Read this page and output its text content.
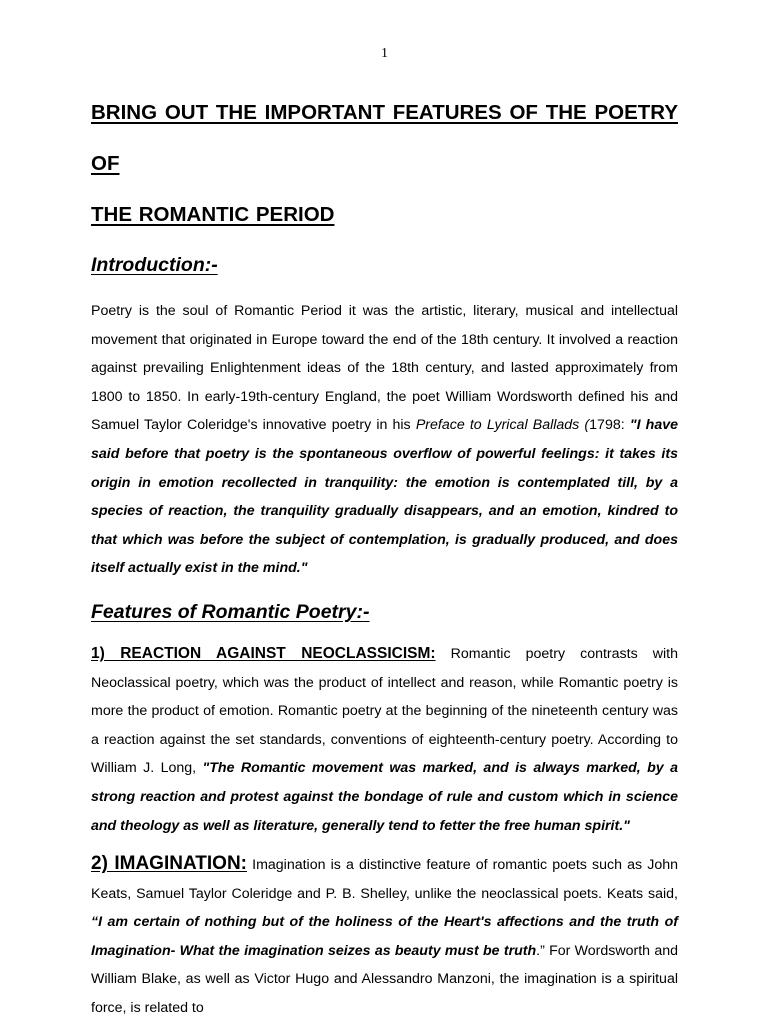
1
BRING OUT THE IMPORTANT FEATURES OF THE POETRY OF
THE ROMANTIC PERIOD
Introduction:-

Poetry is the soul of Romantic Period it was the artistic, literary, musical and intellectual movement that originated in Europe toward the end of the 18th century. It involved a reaction against prevailing Enlightenment ideas of the 18th century, and lasted approximately from 1800 to 1850. In early-19th-century England, the poet William Wordsworth defined his and Samuel Taylor Coleridge's innovative poetry in his Preface to Lyrical Ballads (1798: "I have said before that poetry is the spontaneous overflow of powerful feelings: it takes its origin in emotion recollected in tranquility: the emotion is contemplated till, by a species of reaction, the tranquility gradually disappears, and an emotion, kindred to that which was before the subject of contemplation, is gradually produced, and does itself actually exist in the mind."

Features of Romantic Poetry:-

1) REACTION AGAINST NEOCLASSICISM: Romantic poetry contrasts with Neoclassical poetry, which was the product of intellect and reason, while Romantic poetry is more the product of emotion. Romantic poetry at the beginning of the nineteenth century was a reaction against the set standards, conventions of eighteenth-century poetry. According to William J. Long, "The Romantic movement was marked, and is always marked, by a strong reaction and protest against the bondage of rule and custom which in science and theology as well as literature, generally tend to fetter the free human spirit."

2) IMAGINATION: Imagination is a distinctive feature of romantic poets such as John Keats, Samuel Taylor Coleridge and P. B. Shelley, unlike the neoclassical poets. Keats said, “I am certain of nothing but of the holiness of the Heart's affections and the truth of Imagination- What the imagination seizes as beauty must be truth.” For Wordsworth and William Blake, as well as Victor Hugo and Alessandro Manzoni, the imagination is a spiritual force, is related to
